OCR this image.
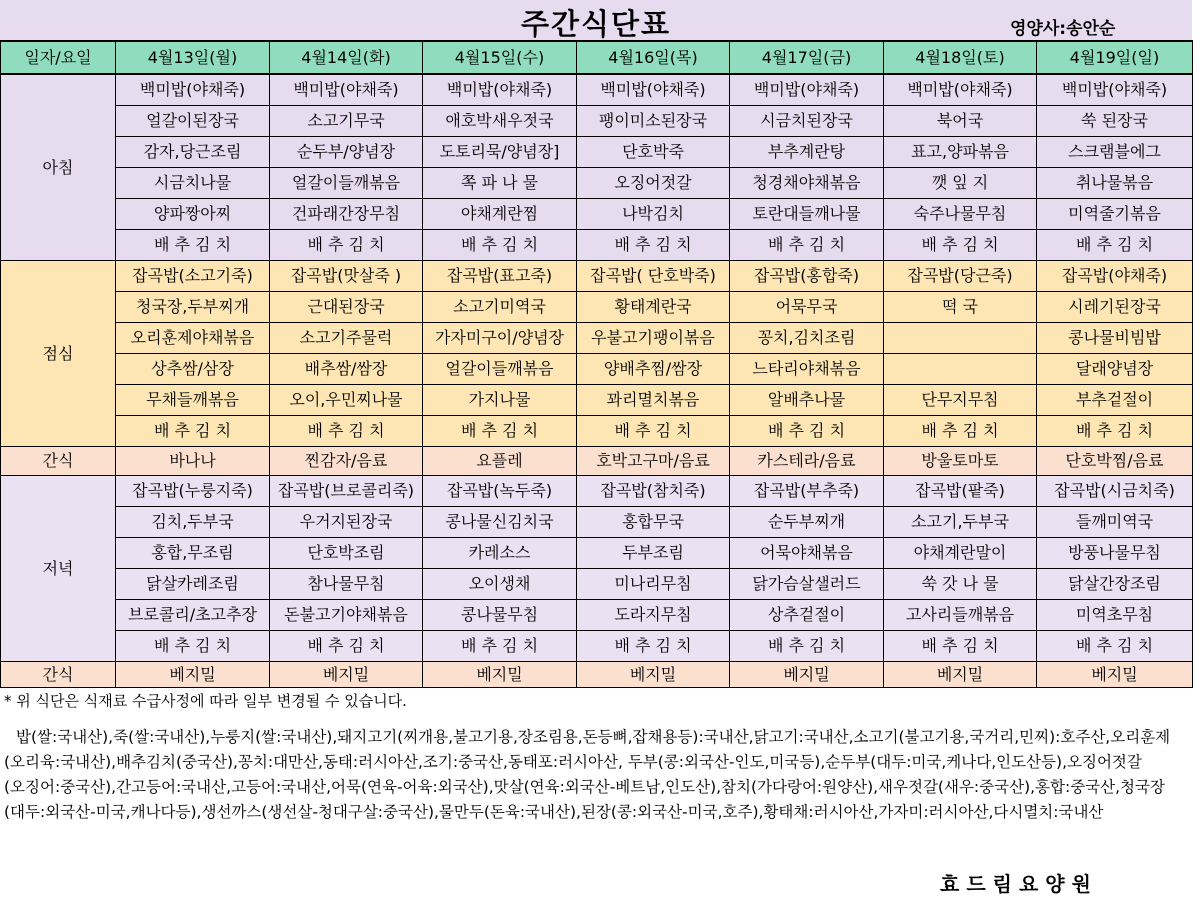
주간식단표	영양사:송안순
일자/요일	4월13일(월)	4월14일(화)	4월15일(수)	4월16일(목)	4월17일(금)	4월18일(토)	4월19일(일)
아침	백미밥(야채죽)	백미밥(야채죽)	백미밥(야채죽)	백미밥(야채죽)	백미밥(야채죽)	백미밥(야채죽)	백미밥(야채죽)
	얼갈이된장국	소고기무국	애호박새우젓국	팽이미소된장국	시금치된장국	북어국	쑥 된장국
	감자,당근조림	순두부/양념장	도토리묵/양념장]	단호박죽	부추계란탕	표고,양파볶음	스크램블에그
	시금치나물	얼갈이들깨볶음	쪽 파 나 물	오징어젓갈	청경채야채볶음	깻 잎 지	취나물볶음
	양파짱아찌	건파래간장무침	야채계란찜	나박김치	토란대들깨나물	숙주나물무침	미역줄기볶음
	배 추 김 치	배 추 김 치	배 추 김 치	배 추 김 치	배 추 김 치	배 추 김 치	배 추 김 치
점심	잡곡밥(소고기죽)	잡곡밥(맛살죽 )	잡곡밥(표고죽)	잡곡밥( 단호박죽)	잡곡밥(홍합죽)	잡곡밥(당근죽)	잡곡밥(야채죽)
	청국장,두부찌개	근대된장국	소고기미역국	황태계란국	어묵무국	떡 국	시레기된장국
	오리훈제야채볶음	소고기주물럭	가자미구이/양념장	우불고기팽이볶음	꽁치,김치조림		콩나물비빔밥
	상추쌈/삼장	배추쌈/쌈장	얼갈이들깨볶음	양배추찜/쌈장	느타리야채볶음		달래양념장
	무채들깨볶음	오이,우민찌나물	가지나물	꽈리멸치볶음	알배추나물	단무지무침	부추겉절이
	배 추 김 치	배 추 김 치	배 추 김 치	배 추 김 치	배 추 김 치	배 추 김 치	배 추 김 치
간식	바나나	찐감자/음료	요플레	호박고구마/음료	카스테라/음료	방울토마토	단호박찜/음료
저녁	잡곡밥(누룽지죽)	잡곡밥(브로콜리죽)	잡곡밥(녹두죽)	잡곡밥(참치죽)	잡곡밥(부추죽)	잡곡밥(팥죽)	잡곡밥(시금치죽)
	김치,두부국	우거지된장국	콩나물신김치국	홍합무국	순두부찌개	소고기,두부국	들깨미역국
	홍합,무조림	단호박조림	카레소스	두부조림	어묵야채볶음	야채계란말이	방풍나물무침
	닭살카레조림	참나물무침	오이생채	미나리무침	닭가슴살샐러드	쑥 갓 나 물	닭살간장조림
	브로콜리/초고추장	돈불고기야채볶음	콩나물무침	도라지무침	상추겉절이	고사리들깨볶음	미역초무침
	배 추 김 치	배 추 김 치	배 추 김 치	배 추 김 치	배 추 김 치	배 추 김 치	배 추 김 치
간식	베지밀	베지밀	베지밀	베지밀	베지밀	베지밀	베지밀
* 위 식단은 식재료 수급사정에 따라 일부 변경될 수 있습니다.
밥(쌀:국내산),죽(쌀:국내산),누룽지(쌀:국내산),돼지고기(찌개용,불고기용,장조림용,돈등뼈,잡채용등):국내산,닭고기:국내산,소고기(불고기용,국거리,민찌):호주산,오리훈제(오리육:국내산),배추김치(중국산),꽁치:대만산,동태:러시아산,조기:중국산,동태포:러시아산, 두부(콩:외국산-인도,미국등),순두부(대두:미국,케나다,인도산등),오징어젓갈(오징어:중국산),간고등어:국내산,고등어:국내산,어묵(연육-어육:외국산),맛살(연육:외국산-베트남,인도산),참치(가다랑어:원양산),새우젓갈(새우:중국산),홍합:중국산,청국장(대두:외국산-미국,캐나다등),생선까스(생선살-청대구살:중국산),물만두(돈육:국내산),된장(콩:외국산-미국,호주),황태채:러시아산,가자미:러시아산,다시멸치:국내산
효드림요양원
